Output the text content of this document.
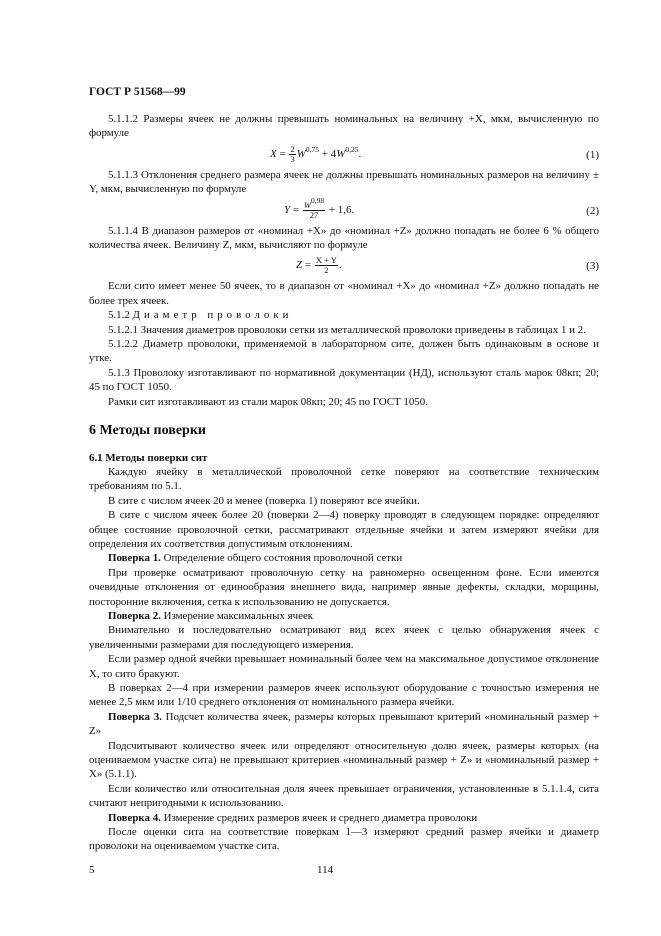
ГОСТ Р 51568—99

5.1.1.2 Размеры ячеек не должны превышать номинальных на величину +X, мкм, вычисленную по формуле

$X = \frac{2}{3} W^{0,75} + 4W^{0,25}$.	(1)

5.1.1.3 Отклонения среднего размера ячеек не должны превышать номинальных размеров на величину ± Y, мкм, вычисленную по формуле

$Y = \frac{W^{0,98}}{27} + 1,6$.	(2)

5.1.1.4 В диапазон размеров от «номинал +X» до «номинал +Z» должно попадать не более 6 % общего количества ячеек. Величину Z, мкм, вычисляют по формуле

$Z = \frac{X + Y}{2}$ .	(3)

Если сито имеет менее 50 ячеек, то в диапазон от «номинал +X» до «номинал +Z» должно попадать не более трех ячеек.

5.1.2 Диаметр проволоки

5.1.2.1 Значения диаметров проволоки сетки из металлической проволоки приведены в таблицах 1 и 2.

5.1.2.2 Диаметр проволоки, применяемой в лабораторном сите, должен быть одинаковым в основе и утке.

5.1.3 Проволоку изготавливают по нормативной документации (НД), используют сталь марок 08кп; 20; 45 по ГОСТ 1050.

Рамки сит изготавливают из стали марок 08кп; 20; 45 по ГОСТ 1050.

6 Методы поверки

6.1 Методы поверки сит

Каждую ячейку в металлической проволочной сетке поверяют на соответствие техническим требованиям по 5.1.

В сите с числом ячеек 20 и менее (поверка 1) поверяют все ячейки.

В сите с числом ячеек более 20 (поверки 2—4) поверку проводят в следующем порядке: определяют общее состояние проволочной сетки, рассматривают отдельные ячейки и затем измеряют ячейки для определения их соответствия допустимым отклонениям.

Поверка 1. Определение общего состояния проволочной сетки

При проверке осматривают проволочную сетку на равномерно освещенном фоне. Если имеются очевидные отклонения от единообразия внешнего вида, например явные дефекты, складки, морщины, посторонние включения, сетка к использованию не допускается.

Поверка 2. Измерение максимальных ячеек

Внимательно и последовательно осматривают вид всех ячеек с целью обнаружения ячеек с увеличенными размерами для последующего измерения.

Если размер одной ячейки превышает номинальный более чем на максимальное допустимое отклонение X, то сито бракуют.

В поверках 2—4 при измерении размеров ячеек используют оборудование с точностью измерения не менее 2,5 мкм или 1/10 среднего отклонения от номинального размера ячейки.

Поверка 3. Подсчет количества ячеек, размеры которых превышают критерий «номинальный размер + Z»

Подсчитывают количество ячеек или определяют относительную долю ячеек, размеры которых (на оцениваемом участке сита) не превышают критериев «номинальный размер + Z» и «номинальный размер + X» (5.1.1).

Если количество или относительная доля ячеек превышает ограничения, установленные в 5.1.1.4, сита считают непригодными к использованию.

Поверка 4. Измерение средних размеров ячеек и среднего диаметра проволоки

После оценки сита на соответствие поверкам 1—3 измеряют средний размер ячейки и диаметр проволоки на оцениваемом участке сита.

5	114
